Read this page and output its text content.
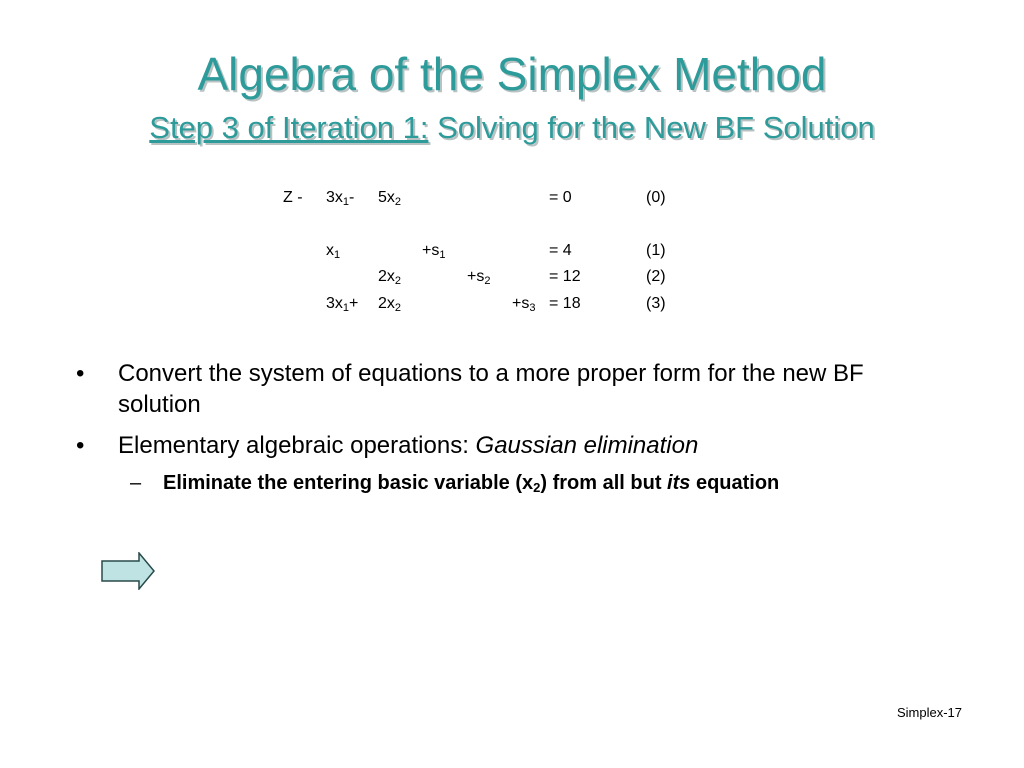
Algebra of the Simplex Method
Step 3 of Iteration 1: Solving for the New BF Solution
Z - $3x_1-$ $5x_2$	= 0	(0)
$x_1$	$+s_1$	= 4	(1)
$2x_2$	$+s_2$	= 12	(2)
$3x_1+ 2x_2$	$+s_3 = 18$	(3)
• Convert the system of equations to a more proper form for the new BF solution
• Elementary algebraic operations: Gaussian elimination
– Eliminate the entering basic variable $(x_2)$ from all but its equation
Simplex-17
